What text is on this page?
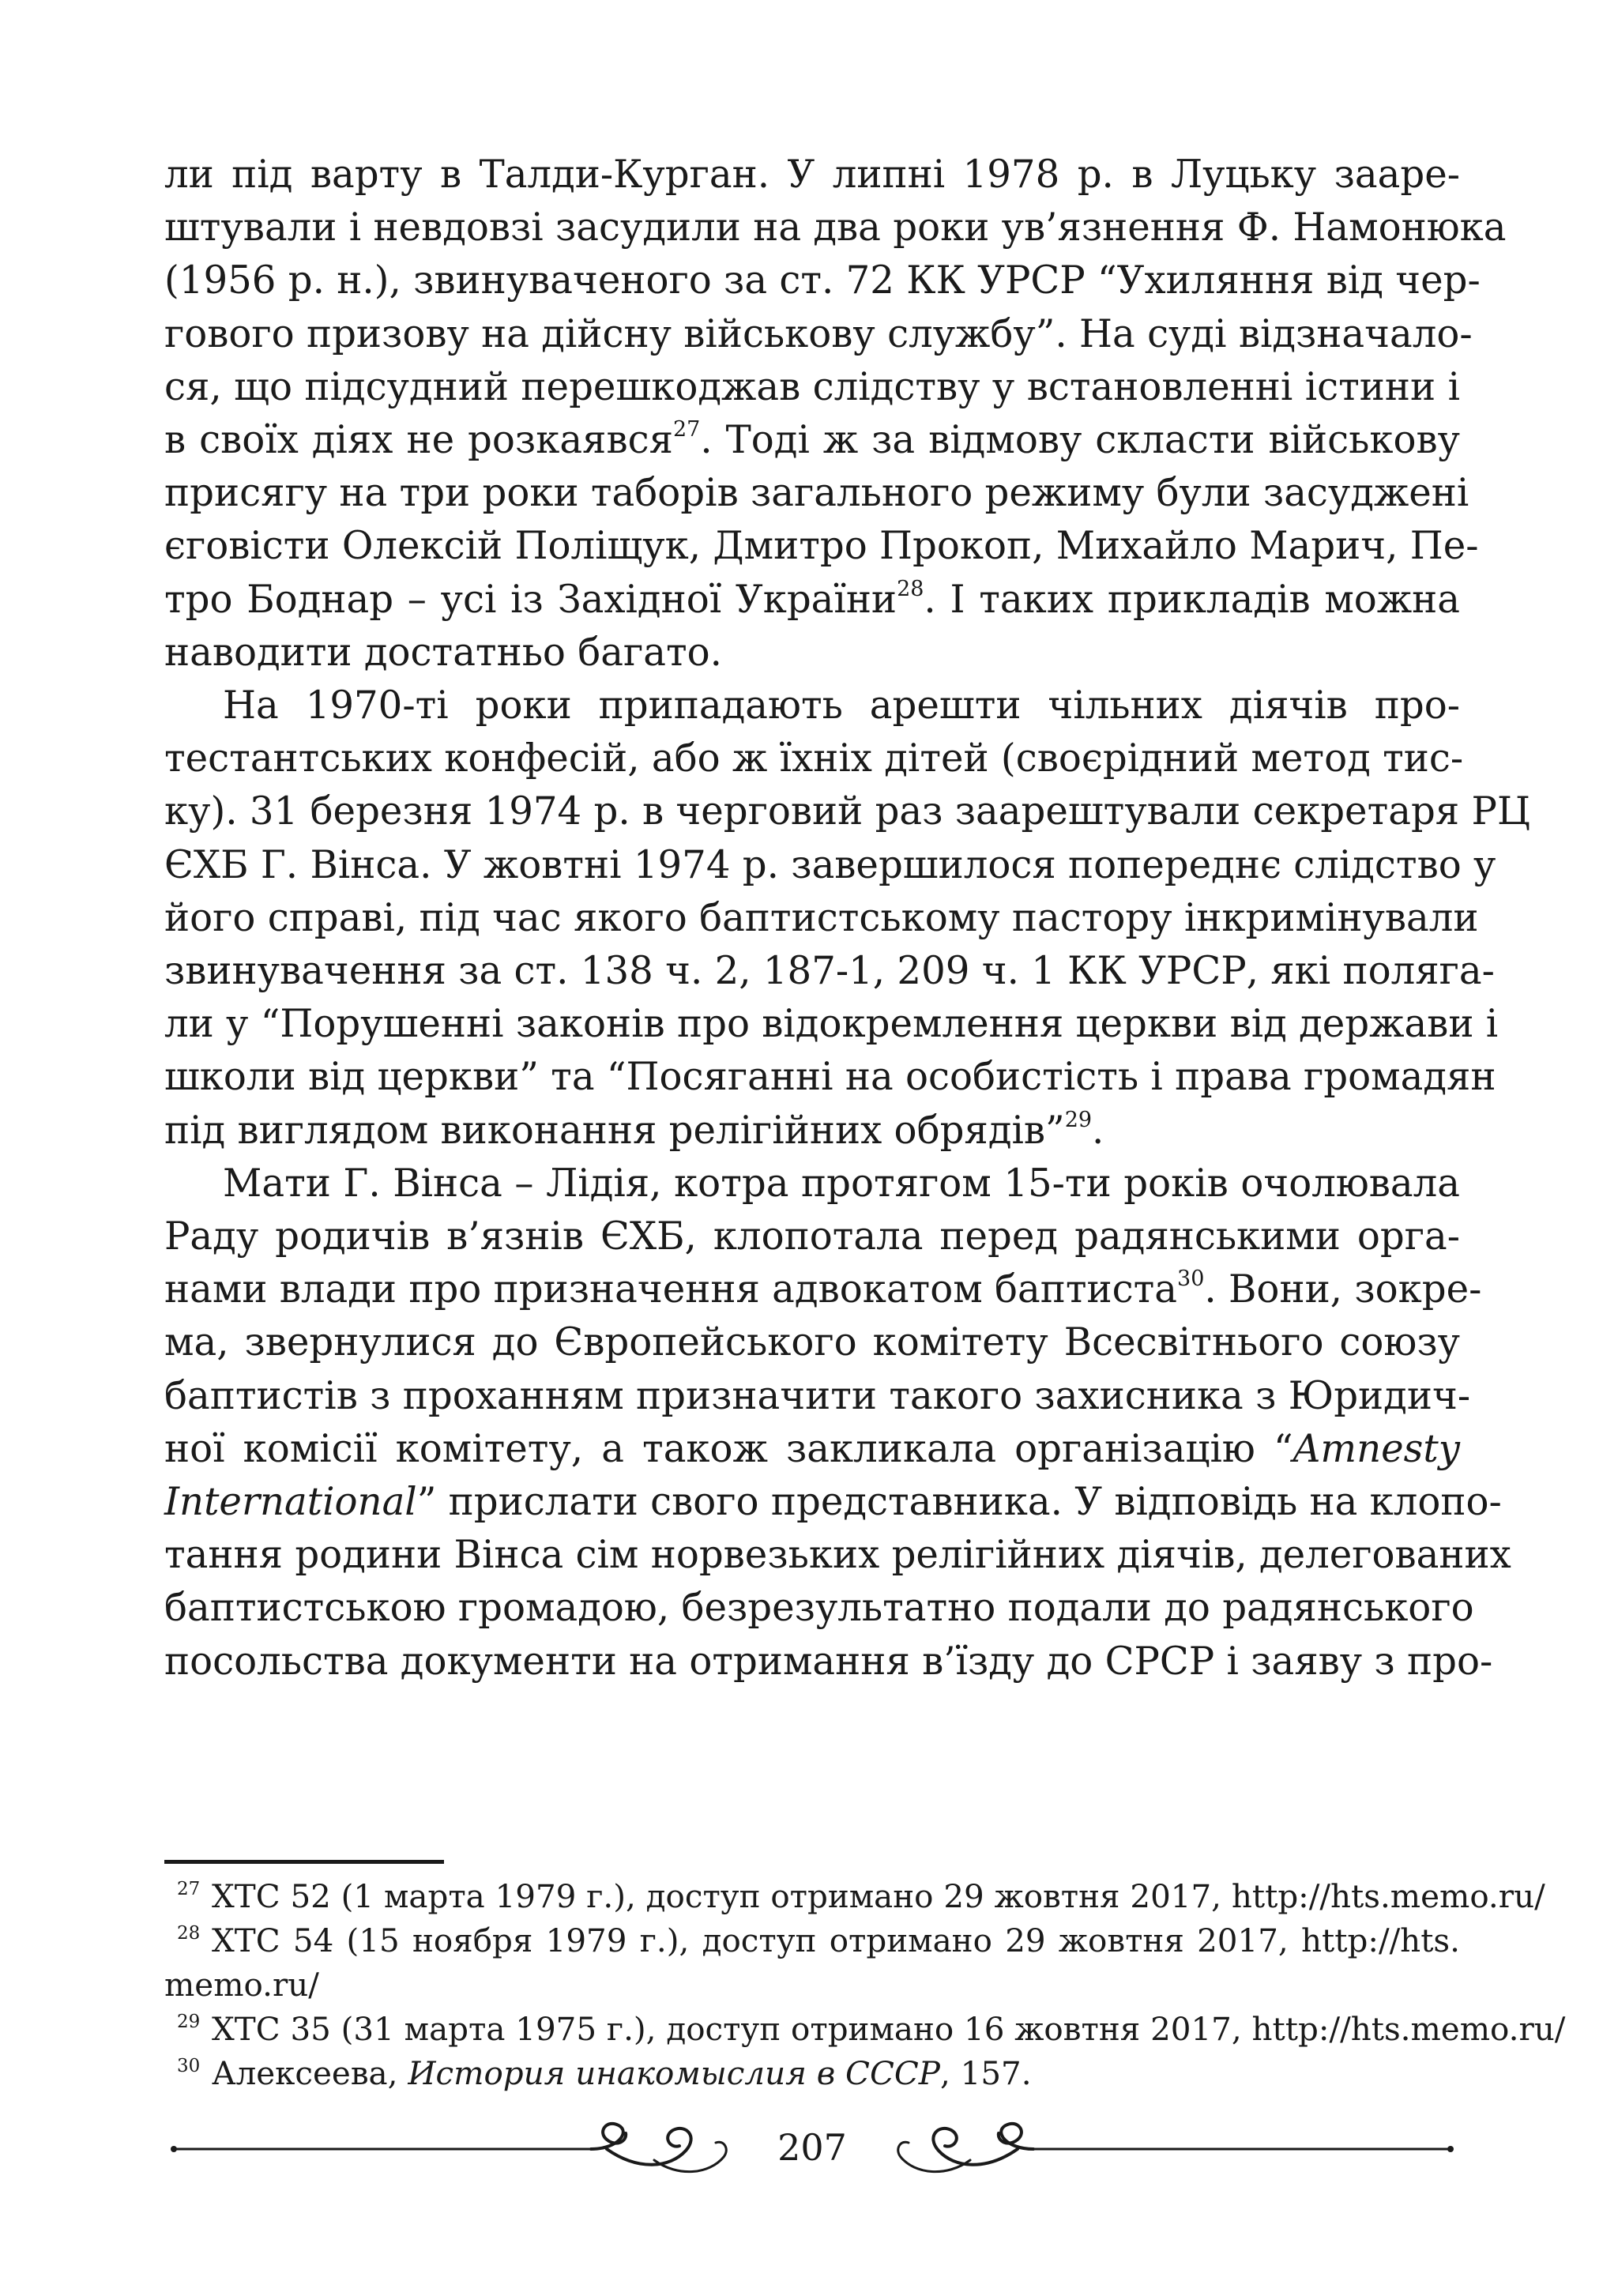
ли під варту в Талди-Курган. У липні 1978 р. в Луцьку зааре-
штували і невдовзі засудили на два роки ув’язнення Ф. Намонюка
(1956 р. н.), звинуваченого за ст. 72 КК УРСР “Ухиляння від чер-
гового призову на дійсну військову службу”. На суді відзначало-
ся, що підсудний перешкоджав слідству у встановленні істини і
в своїх діях не розкаявся$^{27}$. Тоді ж за відмову скласти військову
присягу на три роки таборів загального режиму були засуджені
єговісти Олексій Поліщук, Дмитро Прокоп, Михайло Марич, Пе-
тро Боднар – усі із Західної України$^{28}$. І таких прикладів можна
наводити достатньо багато.

На 1970-ті роки припадають арешти чільних діячів про-
тестантських конфесій, або ж їхніх дітей (своєрідний метод тис-
ку). 31 березня 1974 р. в черговий раз заарештували секретаря РЦ
ЄХБ Г. Вінса. У жовтні 1974 р. завершилося попереднє слідство у
його справі, під час якого баптистському пастору інкримінували
звинувачення за ст. 138 ч. 2, 187-1, 209 ч. 1 КК УРСР, які полягa-
ли у “Порушенні законів про відокремлення церкви від держави і
школи від церкви” та “Посяганні на особистість і права громадян
під виглядом виконання релігійних обрядів”$^{29}$.

Мати Г. Вінса – Лідія, котра протягом 15-ти років очолювала
Раду родичів в’язнів ЄХБ, клопотала перед радянськими орга-
нами влади про призначення адвокатом баптиста$^{30}$. Вони, зокре-
ма, звернулися до Європейського комітету Всесвітнього союзу
баптистів з проханням призначити такого захисника з Юридич-
ної комісії комітету, а також закликала організацію “Amnesty
International” прислати свого представника. У відповідь на клопо-
тання родини Вінса сім норвезьких релігійних діячів, делегованих
баптистською громадою, безрезультатно подали до радянського
посольства документи на отримання в’їзду до СРСР і заяву з про-

27 ХТС 52 (1 марта 1979 г.), доступ отримано 29 жовтня 2017, http://hts.memo.ru/
28 ХТС 54 (15 ноября 1979 г.), доступ отримано 29 жовтня 2017, http://hts.
memo.ru/
29 ХТС 35 (31 марта 1975 г.), доступ отримано 16 жовтня 2017, http://hts.memo.ru/
30 Алексеева, История инакомыслия в СССР, 157.
207
